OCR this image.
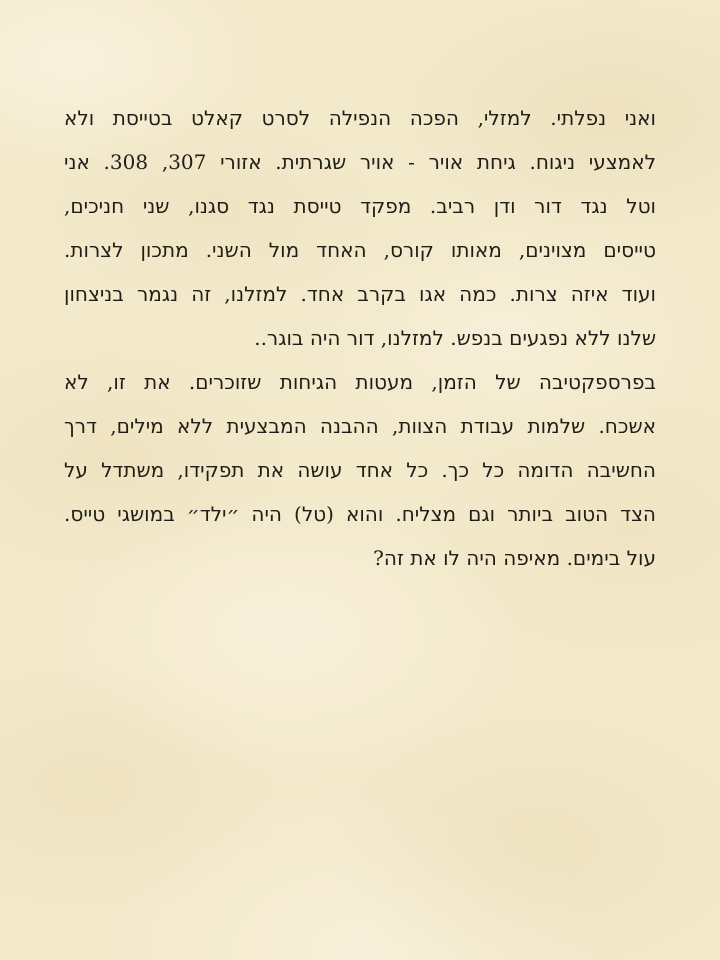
ואני נפלתי. למזלי, הפכה הנפילה לסרט קאלט בטייסת ולא
לאמצעי ניגוח. גיחת אויר - אויר שגרתית. אזורי 307, 308. אני
וטל נגד דור ודן רביב. מפקד טייסת נגד סגנו, שני חניכים,
טייסים מצוינים, מאותו קורס, האחד מול השני. מתכון לצרות.
ועוד איזה צרות. כמה אגו בקרב אחד. למזלנו, זה נגמר בניצחון
שלנו ללא נפגעים בנפש. למזלנו, דור היה בוגר..
בפרספקטיבה של הזמן, מעטות הגיחות שזוכרים. את זו, לא
אשכח. שלמות עבודת הצוות, ההבנה המבצעית ללא מילים, דרך
החשיבה הדומה כל כך. כל אחד עושה את תפקידו, משתדל על
הצד הטוב ביותר וגם מצליח. והוא (טל) היה ״ילד״ במושגי טייס.
עול בימים. מאיפה היה לו את זה?
